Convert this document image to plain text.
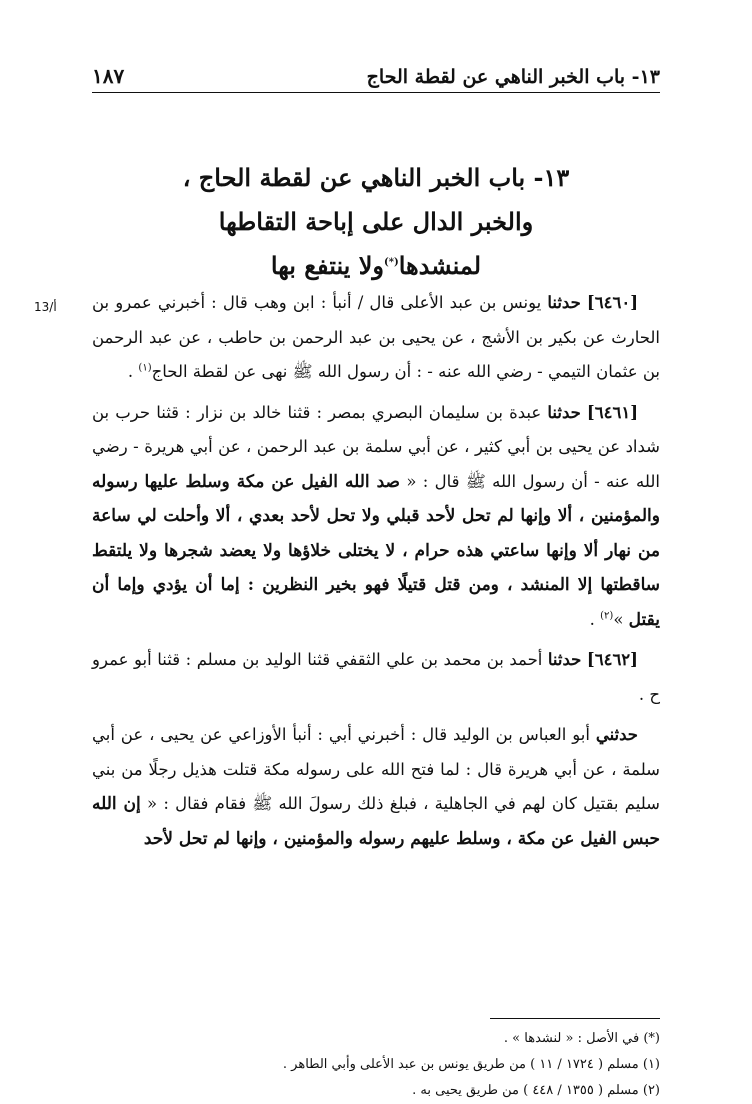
١٣- باب الخبر الناهي عن لقطة الحاج
١٨٧
١٣- باب الخبر الناهي عن لقطة الحاج ،
والخبر الدال على إباحة التقاطها
لمنشدها(*)ولا ينتفع بها
13/أ	[٦٤٦٠] حدثنا يونس بن عبد الأعلى قال / أنبأ : ابن وهب قال : أخبرني عمرو بن الحارث عن بكير بن الأشج ، عن يحيى بن عبد الرحمن بن حاطب ، عن عبد الرحمن بن عثمان التيمي - رضي الله عنه - : أن رسول الله ﷺ نهى عن لقطة الحاج$^{(١)}$ .

[٦٤٦١] حدثنا عبدة بن سليمان البصري بمصر : قثنا خالد بن نزار : قثنا حرب بن شداد عن يحيى بن أبي كثير ، عن أبي سلمة بن عبد الرحمن ، عن أبي هريرة - رضي الله عنه - أن رسول الله ﷺ قال : « صد الله الفيل عن مكة وسلط عليها رسوله والمؤمنين ، ألا وإنها لم تحل لأحد قبلي ولا تحل لأحد بعدي ، ألا وأحلت لي ساعة من نهار ألا وإنها ساعتي هذه حرام ، لا يختلى خلاؤها ولا يعضد شجرها ولا يلتقط ساقطتها إلا المنشد ، ومن قتل قتيلًا فهو بخير النظرين : إما أن يؤدي وإما أن يقتل »$^{(٢)}$ .

[٦٤٦٢] حدثنا أحمد بن محمد بن علي الثقفي قثنا الوليد بن مسلم : قثنا أبو عمرو ح .

حدثني أبو العباس بن الوليد قال : أخبرني أبي : أنبأ الأوزاعي عن يحيى ، عن أبي سلمة ، عن أبي هريرة قال : لما فتح الله على رسوله مكة قتلت هذيل رجلًا من بني سليم بقتيل كان لهم في الجاهلية ، فبلغ ذلك رسولَ الله ﷺ فقام فقال : « إن الله حبس الفيل عن مكة ، وسلط عليهم رسوله والمؤمنين ، وإنها لم تحل لأحد

(*) في الأصل : « لنشدها » .
(١) مسلم ( ١٧٢٤ / ١١ ) من طريق يونس بن عبد الأعلى وأبي الطاهر .
(٢) مسلم ( ١٣٥٥ / ٤٤٨ ) من طريق يحيى به .
